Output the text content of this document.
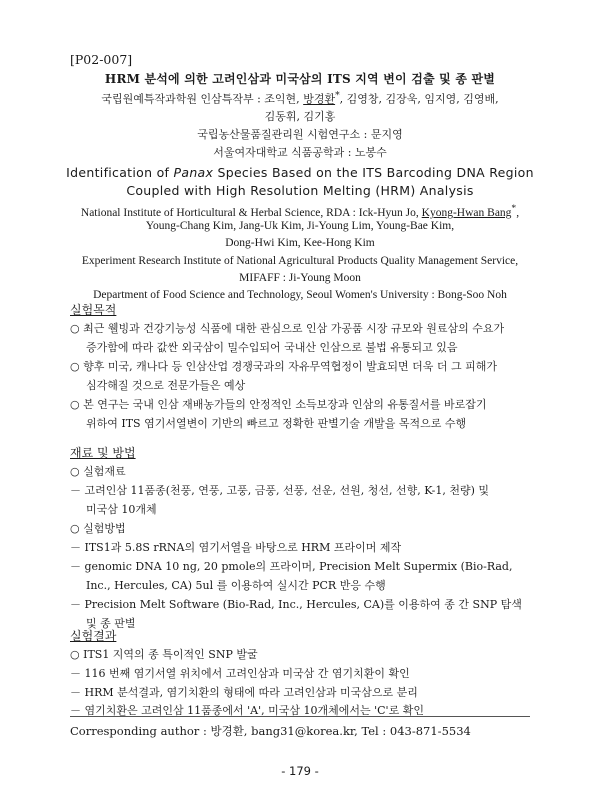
[P02-007]
HRM 분석에 의한 고려인삼과 미국삼의 ITS 지역 변이 검출 및 종 판별
국립원예특작과학원 인삼특작부 : 조익현, 방경환*, 김영창, 김장욱, 임지영, 김영배,
김동휘, 김기홍
국립농산물품질관리원 시험연구소 : 문지영
서울여자대학교 식품공학과 : 노봉수
Identification of Panax Species Based on the ITS Barcoding DNA Region
Coupled with High Resolution Melting (HRM) Analysis
National Institute of Horticultural & Herbal Science, RDA : Ick-Hyun Jo, Kyong-Hwan Bang*,
Young-Chang Kim, Jang-Uk Kim, Ji-Young Lim, Young-Bae Kim,
Dong-Hwi Kim, Kee-Hong Kim
Experiment Research Institute of National Agricultural Products Quality Management Service,
MIFAFF : Ji-Young Moon
Department of Food Science and Technology, Seoul Women's University : Bong-Soo Noh
실험목적
○ 최근 웰빙과 건강기능성 식품에 대한 관심으로 인삼 가공품 시장 규모와 원료삼의 수요가
증가함에 따라 값싼 외국삼이 밀수입되어 국내산 인삼으로 불법 유통되고 있음
○ 향후 미국, 캐나다 등 인삼산업 경쟁국과의 자유무역협정이 발효되면 더욱 더 그 피해가
심각해질 것으로 전문가들은 예상
○ 본 연구는 국내 인삼 재배농가들의 안정적인 소득보장과 인삼의 유통질서를 바로잡기
위하여 ITS 염기서열변이 기반의 빠르고 정확한 판별기술 개발을 목적으로 수행
재료 및 방법
○ 실험재료
－ 고려인삼 11품종(천풍, 연풍, 고풍, 금풍, 선풍, 선운, 선원, 청선, 선향, K-1, 천량) 및
미국삼 10개체
○ 실험방법
－ ITS1과 5.8S rRNA의 염기서열을 바탕으로 HRM 프라이머 제작
－ genomic DNA 10 ng, 20 pmole의 프라이머, Precision Melt Supermix (Bio-Rad,
Inc., Hercules, CA) 5ul 를 이용하여 실시간 PCR 반응 수행
－ Precision Melt Software (Bio-Rad, Inc., Hercules, CA)를 이용하여 종 간 SNP 탐색
및 종 판별
실험결과
○ ITS1 지역의 종 특이적인 SNP 발굴
－ 116 번째 염기서열 위치에서 고려인삼과 미국삼 간 염기치환이 확인
－ HRM 분석결과, 염기치환의 형태에 따라 고려인삼과 미국삼으로 분리
－ 염기치환은 고려인삼 11품종에서 'A', 미국삼 10개체에서는 'C'로 확인
Corresponding author : 방경환, bang31@korea.kr, Tel : 043-871-5534
- 179 -
